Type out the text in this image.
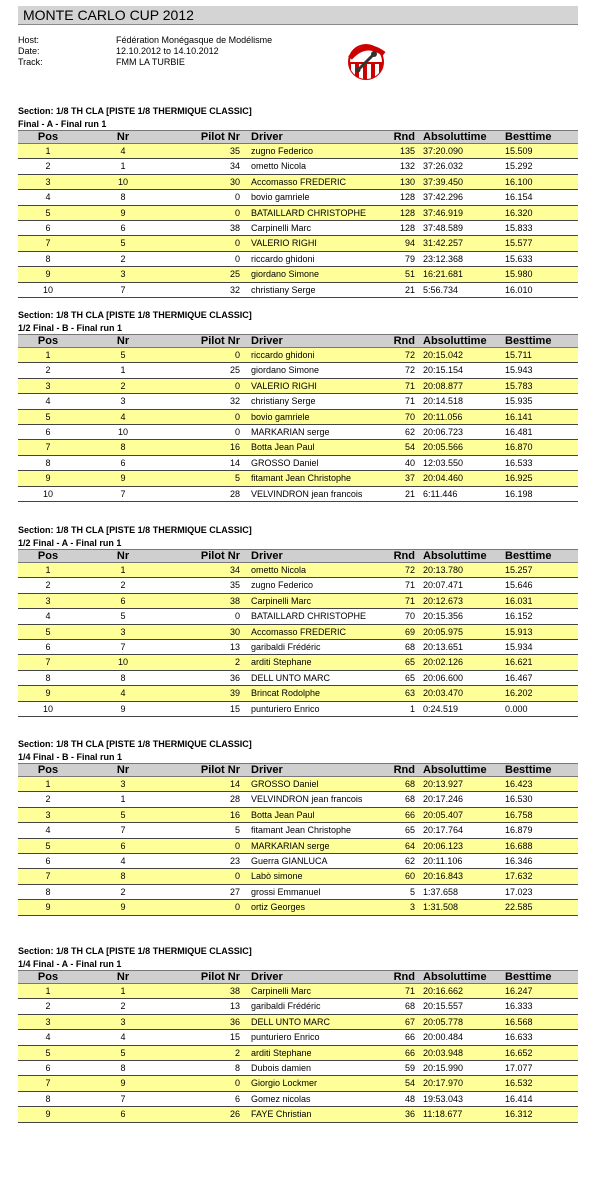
MONTE CARLO CUP 2012
Host:	Fédération Monégasque de Modélisme
Date:	12.10.2012 to 14.10.2012
Track:	FMM LA TURBIE
Section: 1/8 TH CLA [PISTE 1/8 THERMIQUE CLASSIC]
Final - A - Final run 1
Pos	Nr	Pilot Nr Driver	Rnd Absoluttime	Besttime
1	4	35 zugno Federico	135 37:20.090	15.509
2	1	34 ometto Nicola	132 37:26.032	15.292
3	10	30 Accomasso FREDERIC	130 37:39.450	16.100
4	8	0 bovio gamriele	128 37:42.296	16.154
5	9	0 BATAILLARD CHRISTOPHE	128 37:46.919	16.320
6	6	38 Carpinelli Marc	128 37:48.589	15.833
7	5	0 VALERIO RIGHI	94 31:42.257	15.577
8	2	0 riccardo ghidoni	79 23:12.368	15.633
9	3	25 giordano Simone	51 16:21.681	15.980
10	7	32 christiany Serge	21 5:56.734	16.010
Section: 1/8 TH CLA [PISTE 1/8 THERMIQUE CLASSIC]
1/2 Final - B - Final run 1
Pos	Nr	Pilot Nr Driver	Rnd Absoluttime	Besttime
1	5	0 riccardo ghidoni	72 20:15.042	15.711
2	1	25 giordano Simone	72 20:15.154	15.943
3	2	0 VALERIO RIGHI	71 20:08.877	15.783
4	3	32 christiany Serge	71 20:14.518	15.935
5	4	0 bovio gamriele	70 20:11.056	16.141
6	10	0 MARKARIAN serge	62 20:06.723	16.481
7	8	16 Botta Jean Paul	54 20:05.566	16.870
8	6	14 GROSSO Daniel	40 12:03.550	16.533
9	9	5 fitamant Jean Christophe	37 20:04.460	16.925
10	7	28 VELVINDRON jean francois	21 6:11.446	16.198
Section: 1/8 TH CLA [PISTE 1/8 THERMIQUE CLASSIC]
1/2 Final - A - Final run 1
Pos	Nr	Pilot Nr Driver	Rnd Absoluttime	Besttime
1	1	34 ometto Nicola	72 20:13.780	15.257
2	2	35 zugno Federico	71 20:07.471	15.646
3	6	38 Carpinelli Marc	71 20:12.673	16.031
4	5	0 BATAILLARD CHRISTOPHE	70 20:15.356	16.152
5	3	30 Accomasso FREDERIC	69 20:05.975	15.913
6	7	13 garibaldi Frédéric	68 20:13.651	15.934
7	10	2 arditi Stephane	65 20:02.126	16.621
8	8	36 DELL UNTO MARC	65 20:06.600	16.467
9	4	39 Brincat Rodolphe	63 20:03.470	16.202
10	9	15 punturiero Enrico	1 0:24.519	0.000
Section: 1/8 TH CLA [PISTE 1/8 THERMIQUE CLASSIC]
1/4 Final - B - Final run 1
Pos	Nr	Pilot Nr Driver	Rnd Absoluttime	Besttime
1	3	14 GROSSO Daniel	68 20:13.927	16.423
2	1	28 VELVINDRON jean francois	68 20:17.246	16.530
3	5	16 Botta Jean Paul	66 20:05.407	16.758
4	7	5 fitamant Jean Christophe	65 20:17.764	16.879
5	6	0 MARKARIAN serge	64 20:06.123	16.688
6	4	23 Guerra GIANLUCA	62 20:11.106	16.346
7	8	0 Labò simone	60 20:16.843	17.632
8	2	27 grossi Emmanuel	5 1:37.658	17.023
9	9	0 ortiz Georges	3 1:31.508	22.585
Section: 1/8 TH CLA [PISTE 1/8 THERMIQUE CLASSIC]
1/4 Final - A - Final run 1
Pos	Nr	Pilot Nr Driver	Rnd Absoluttime	Besttime
1	1	38 Carpinelli Marc	71 20:16.662	16.247
2	2	13 garibaldi Frédéric	68 20:15.557	16.333
3	3	36 DELL UNTO MARC	67 20:05.778	16.568
4	4	15 punturiero Enrico	66 20:00.484	16.633
5	5	2 arditi Stephane	66 20:03.948	16.652
6	8	8 Dubois damien	59 20:15.990	17.077
7	9	0 Giorgio Lockmer	54 20:17.970	16.532
8	7	6 Gomez nicolas	48 19:53.043	16.414
9	6	26 FAYE Christian	36 11:18.677	16.312
